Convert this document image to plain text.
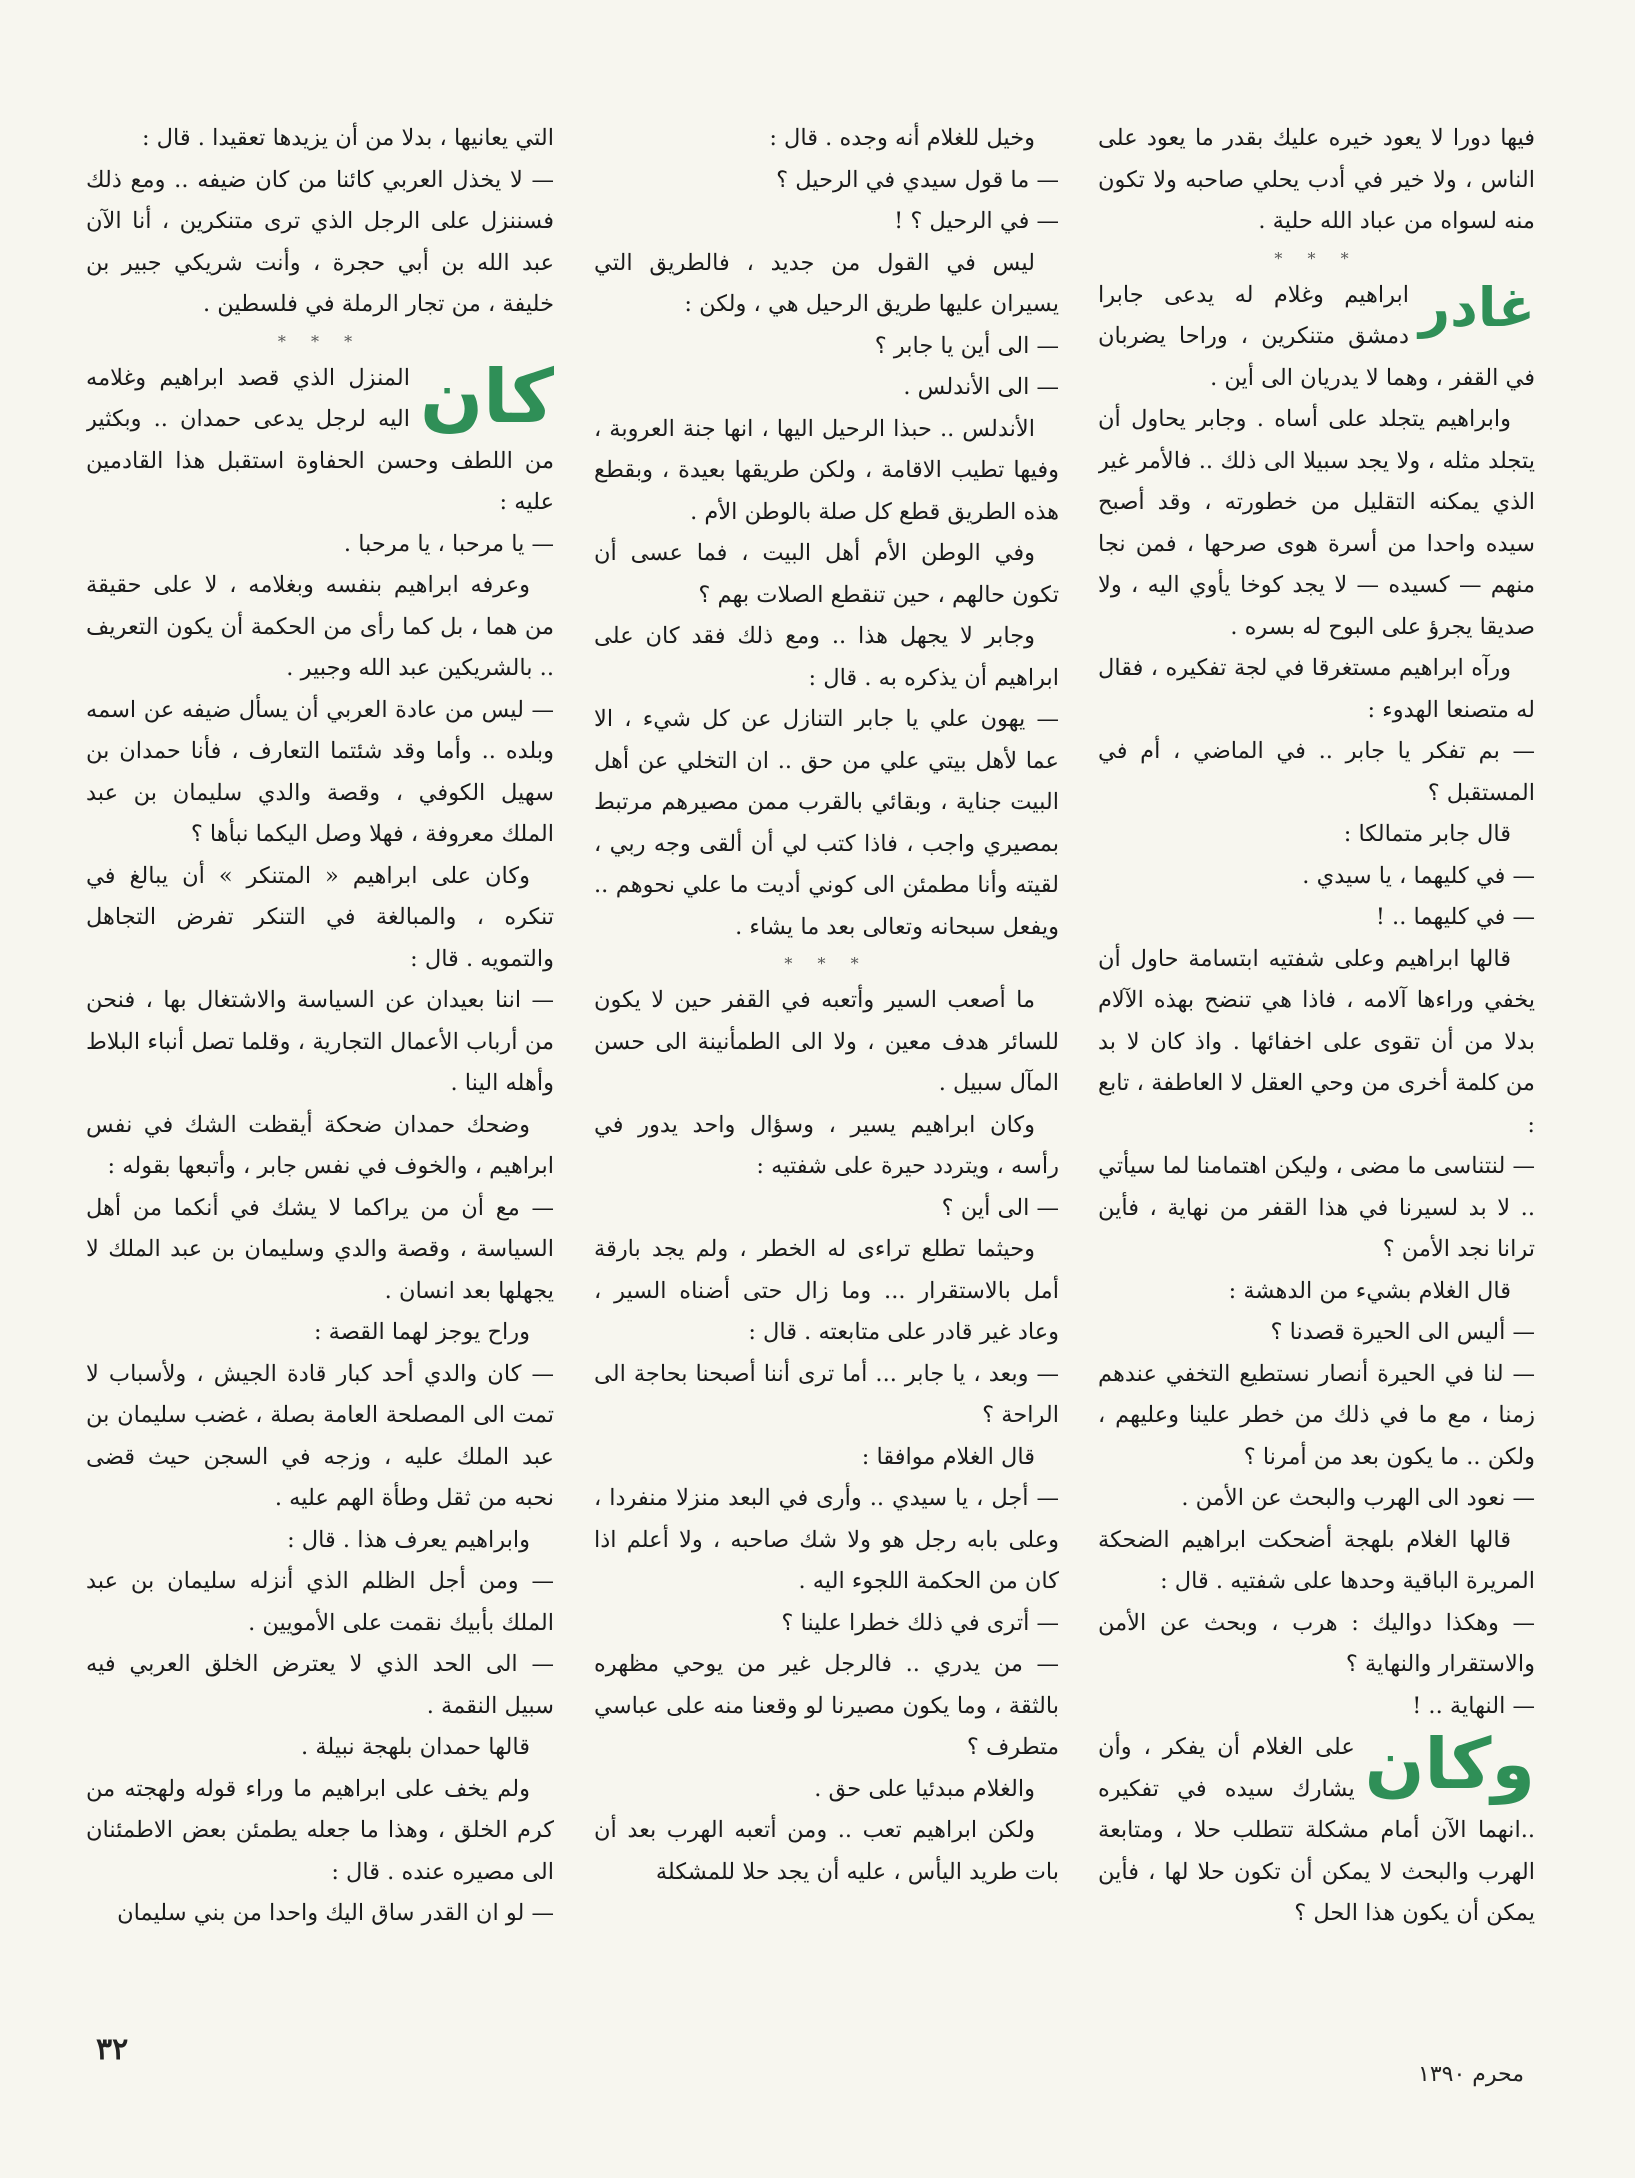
فيها دورا لا يعود خيره عليك بقدر ما يعود على الناس ، ولا خير في أدب يحلي صاحبه ولا تكون منه لسواه من عباد الله حلية .

* * *

غادر

ابراهيم وغلام له يدعى جابرا دمشق متنكرين ، وراحا يضربان في القفر ، وهما لا يدريان الى أين .

وابراهيم يتجلد على أساه . وجابر يحاول أن يتجلد مثله ، ولا يجد سبيلا الى ذلك .. فالأمر غير الذي يمكنه التقليل من خطورته ، وقد أصبح سيده واحدا من أسرة هوى صرحها ، فمن نجا منهم — كسيده — لا يجد كوخا يأوي اليه ، ولا صديقا يجرؤ على البوح له بسره .

ورآه ابراهيم مستغرقا في لجة تفكيره ، فقال له متصنعا الهدوء :

— بم تفكر يا جابر .. في الماضي ، أم في المستقبل ؟

قال جابر متمالكا :

— في كليهما ، يا سيدي .

— في كليهما .. !

قالها ابراهيم وعلى شفتيه ابتسامة حاول أن يخفي وراءها آلامه ، فاذا هي تنضح بهذه الآلام بدلا من أن تقوى على اخفائها . واذ كان لا بد من كلمة أخرى من وحي العقل لا العاطفة ، تابع :

— لنتناسى ما مضى ، وليكن اهتمامنا لما سيأتي .. لا بد لسيرنا في هذا القفر من نهاية ، فأين ترانا نجد الأمن ؟

قال الغلام بشيء من الدهشة :

— أليس الى الحيرة قصدنا ؟

— لنا في الحيرة أنصار نستطيع التخفي عندهم زمنا ، مع ما في ذلك من خطر علينا وعليهم ، ولكن .. ما يكون بعد من أمرنا ؟

— نعود الى الهرب والبحث عن الأمن .

قالها الغلام بلهجة أضحكت ابراهيم الضحكة المريرة الباقية وحدها على شفتيه . قال :

— وهكذا دواليك : هرب ، وبحث عن الأمن والاستقرار والنهاية ؟

— النهاية .. !

وكان

على الغلام أن يفكر ، وأن يشارك سيده في تفكيره ..انهما الآن أمام مشكلة تتطلب حلا ، ومتابعة الهرب والبحث لا يمكن أن تكون حلا لها ، فأين يمكن أن يكون هذا الحل ؟

وخيل للغلام أنه وجده . قال :

— ما قول سيدي في الرحيل ؟

— في الرحيل ؟ !

ليس في القول من جديد ، فالطريق التي يسيران عليها طريق الرحيل هي ، ولكن :

— الى أين يا جابر ؟

— الى الأندلس .

الأندلس .. حبذا الرحيل اليها ، انها جنة العروبة ، وفيها تطيب الاقامة ، ولكن طريقها بعيدة ، وبقطع هذه الطريق قطع كل صلة بالوطن الأم .

وفي الوطن الأم أهل البيت ، فما عسى أن تكون حالهم ، حين تنقطع الصلات بهم ؟

وجابر لا يجهل هذا .. ومع ذلك فقد كان على ابراهيم أن يذكره به . قال :

— يهون علي يا جابر التنازل عن كل شيء ، الا عما لأهل بيتي علي من حق .. ان التخلي عن أهل البيت جناية ، وبقائي بالقرب ممن مصيرهم مرتبط بمصيري واجب ، فاذا كتب لي أن ألقى وجه ربي ، لقيته وأنا مطمئن الى كوني أديت ما علي نحوهم .. ويفعل سبحانه وتعالى بعد ما يشاء .

* * *

ما أصعب السير وأتعبه في القفر حين لا يكون للسائر هدف معين ، ولا الى الطمأنينة الى حسن المآل سبيل .

وكان ابراهيم يسير ، وسؤال واحد يدور في رأسه ، ويتردد حيرة على شفتيه :

— الى أين ؟

وحيثما تطلع تراءى له الخطر ، ولم يجد بارقة أمل بالاستقرار ... وما زال حتى أضناه السير ، وعاد غير قادر على متابعته . قال :

— وبعد ، يا جابر ... أما ترى أننا أصبحنا بحاجة الى الراحة ؟

قال الغلام موافقا :

— أجل ، يا سيدي .. وأرى في البعد منزلا منفردا ، وعلى بابه رجل هو ولا شك صاحبه ، ولا أعلم اذا كان من الحكمة اللجوء اليه .

— أترى في ذلك خطرا علينا ؟

— من يدري .. فالرجل غير من يوحي مظهره بالثقة ، وما يكون مصيرنا لو وقعنا منه على عباسي متطرف ؟

والغلام مبدئيا على حق .

ولكن ابراهيم تعب .. ومن أتعبه الهرب بعد أن بات طريد اليأس ، عليه أن يجد حلا للمشكلة

التي يعانيها ، بدلا من أن يزيدها تعقيدا . قال :

— لا يخذل العربي كائنا من كان ضيفه .. ومع ذلك فسننزل على الرجل الذي ترى متنكرين ، أنا الآن عبد الله بن أبي حجرة ، وأنت شريكي جبير بن خليفة ، من تجار الرملة في فلسطين .

* * *

كان

المنزل الذي قصد ابراهيم وغلامه اليه لرجل يدعى حمدان .. وبكثير من اللطف وحسن الحفاوة استقبل هذا القادمين عليه :

— يا مرحبا ، يا مرحبا .

وعرفه ابراهيم بنفسه وبغلامه ، لا على حقيقة من هما ، بل كما رأى من الحكمة أن يكون التعريف .. بالشريكين عبد الله وجبير .

— ليس من عادة العربي أن يسأل ضيفه عن اسمه وبلده .. وأما وقد شئتما التعارف ، فأنا حمدان بن سهيل الكوفي ، وقصة والدي سليمان بن عبد الملك معروفة ، فهلا وصل اليكما نبأها ؟

وكان على ابراهيم « المتنكر » أن يبالغ في تنكره ، والمبالغة في التنكر تفرض التجاهل والتمويه . قال :

— اننا بعيدان عن السياسة والاشتغال بها ، فنحن من أرباب الأعمال التجارية ، وقلما تصل أنباء البلاط وأهله الينا .

وضحك حمدان ضحكة أيقظت الشك في نفس ابراهيم ، والخوف في نفس جابر ، وأتبعها بقوله :

— مع أن من يراكما لا يشك في أنكما من أهل السياسة ، وقصة والدي وسليمان بن عبد الملك لا يجهلها بعد انسان .

وراح يوجز لهما القصة :

— كان والدي أحد كبار قادة الجيش ، ولأسباب لا تمت الى المصلحة العامة بصلة ، غضب سليمان بن عبد الملك عليه ، وزجه في السجن حيث قضى نحبه من ثقل وطأة الهم عليه .

وابراهيم يعرف هذا . قال :

— ومن أجل الظلم الذي أنزله سليمان بن عبد الملك بأبيك نقمت على الأمويين .

— الى الحد الذي لا يعترض الخلق العربي فيه سبيل النقمة .

قالها حمدان بلهجة نبيلة .

ولم يخف على ابراهيم ما وراء قوله ولهجته من كرم الخلق ، وهذا ما جعله يطمئن بعض الاطمئنان الى مصيره عنده . قال :

— لو ان القدر ساق اليك واحدا من بني سليمان

٣٢
محرم ١٣٩٠
